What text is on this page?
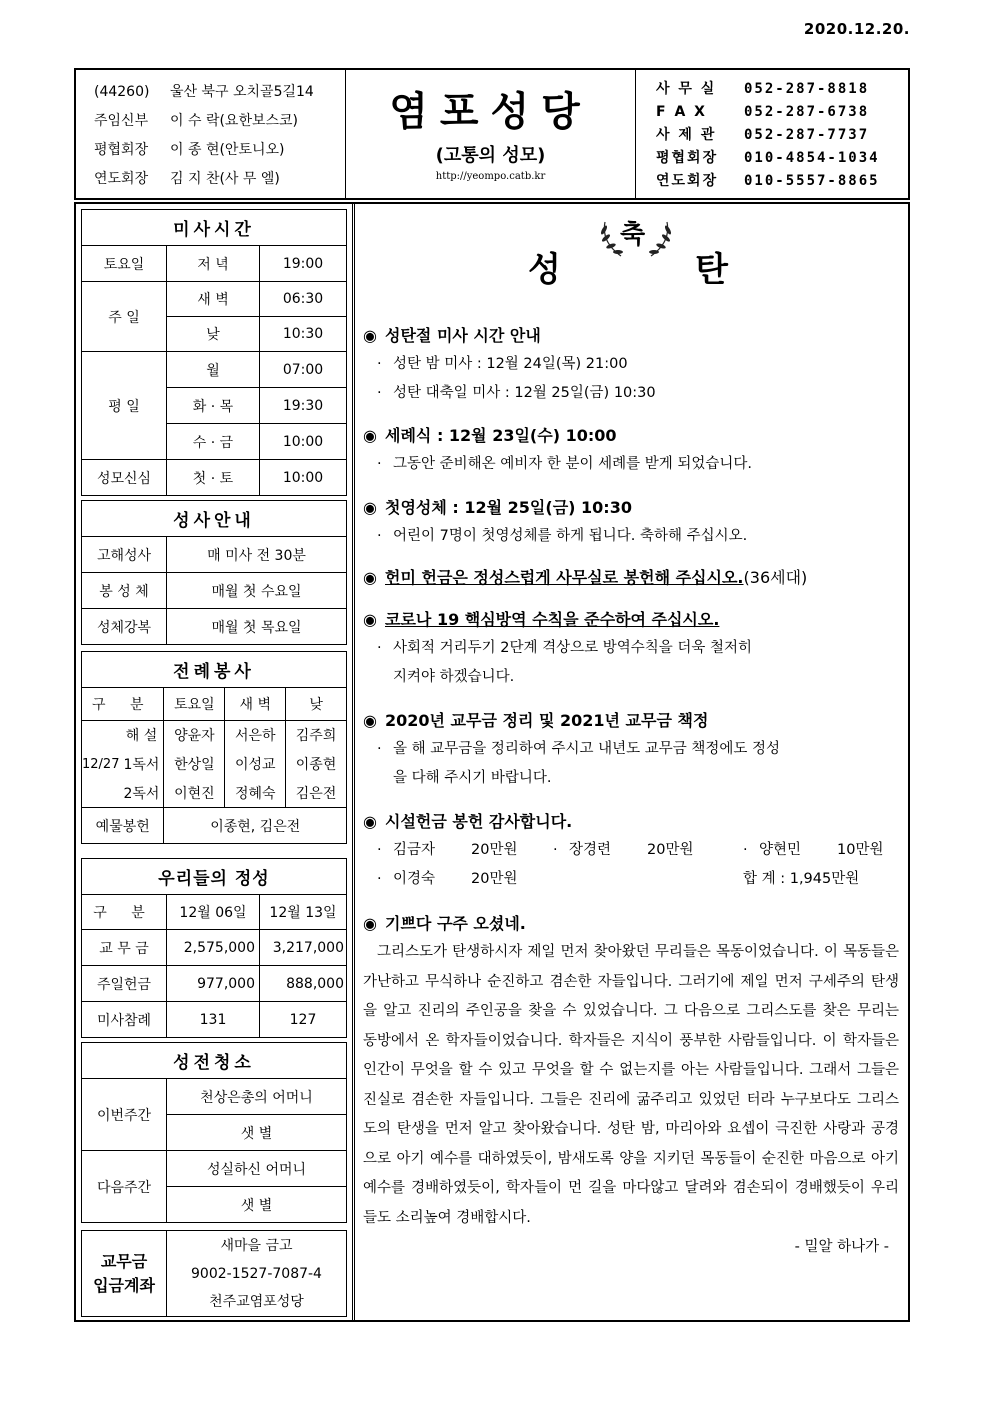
2020.12.20.
(44260) 울산 북구 오치골5길14
주임신부 이 수 락(요한보스코)
평협회장 이 종 현(안토니오)
연도회장 김 지 찬(사 무 엘)
염포성당
(고통의 성모)
http://yeompo.catb.kr
사 무 실	052-287-8818
F A X	052-287-6738
사 제 관	052-287-7737
평협회장	010-4854-1034
연도회장	010-5557-8865
미사시간		
토요일	저 녁	19:00
주 일	새 벽	06:30
	낮	10:30
평 일	월	07:00
	화 · 목	19:30
	수 · 금	10:00
성모신심	첫 · 토	10:00
성사안내	
고해성사	매 미사 전 30분
봉 성 체	매월 첫 수요일
성체강복	매월 첫 목요일
전례봉사				
구 분		토요일	새 벽	낮
12/27	해 설	양윤자	서은하	김주희
	1독서	한상일	이성교	이종현
	2독서	이현진	정혜숙	김은전
예물봉헌		이종현, 김은전		
우리들의 정성		
구 분	12월 06일	12월 13일
교 무 금	2,575,000	3,217,000
주일헌금	977,000	888,000
미사참례	131	127
성전청소	
이번주간	천상은총의 어머니
	샛 별
다음주간	성실하신 어머니
	샛 별
교무금
입금계좌

새마을 금고
9002-1527-7087-4
천주교염포성당
축
성	탄
◉ 성탄절 미사 시간 안내
· 성탄 밤 미사 : 12월 24일(목) 21:00
· 성탄 대축일 미사 : 12월 25일(금) 10:30
◉ 세례식 : 12월 23일(수) 10:00
· 그동안 준비해온 예비자 한 분이 세례를 받게 되었습니다.
◉ 첫영성체 : 12월 25일(금) 10:30
· 어린이 7명이 첫영성체를 하게 됩니다. 축하해 주십시오.
◉ 헌미 헌금은 정성스럽게 사무실로 봉헌해 주십시오.(36세대)
◉ 코로나 19 핵심방역 수칙을 준수하여 주십시오.
· 사회적 거리두기 2단계 격상으로 방역수칙을 더욱 철저히
지켜야 하겠습니다.
◉ 2020년 교무금 정리 및 2021년 교무금 책정
· 올 해 교무금을 정리하여 주시고 내년도 교무금 책정에도 정성
을 다해 주시기 바랍니다.
◉ 시설헌금 봉헌 감사합니다.
· 김금자 20만원	· 장경련 20만원	· 양현민 10만원
· 이경숙 20만원	합 계 : 1,945만원
◉ 기쁘다 구주 오셨네.
그리스도가 탄생하시자 제일 먼저 찾아왔던 무리들은 목동이었습니다. 이 목동들은 가난하고 무식하나 순진하고 겸손한 자들입니다. 그러기에 제일 먼저 구세주의 탄생을 알고 진리의 주인공을 찾을 수 있었습니다. 그 다음으로 그리스도를 찾은 무리는 동방에서 온 학자들이었습니다. 학자들은 지식이 풍부한 사람들입니다. 이 학자들은 인간이 무엇을 할 수 있고 무엇을 할 수 없는지를 아는 사람들입니다. 그래서 그들은 진실로 겸손한 자들입니다. 그들은 진리에 굶주리고 있었던 터라 누구보다도 그리스도의 탄생을 먼저 알고 찾아왔습니다. 성탄 밤, 마리아와 요셉이 극진한 사랑과 공경으로 아기 예수를 대하였듯이, 밤새도록 양을 지키던 목동들이 순진한 마음으로 아기 예수를 경배하였듯이, 학자들이 먼 길을 마다않고 달려와 겸손되이 경배했듯이 우리들도 소리높여 경배합시다.
- 밀알 하나가 -
